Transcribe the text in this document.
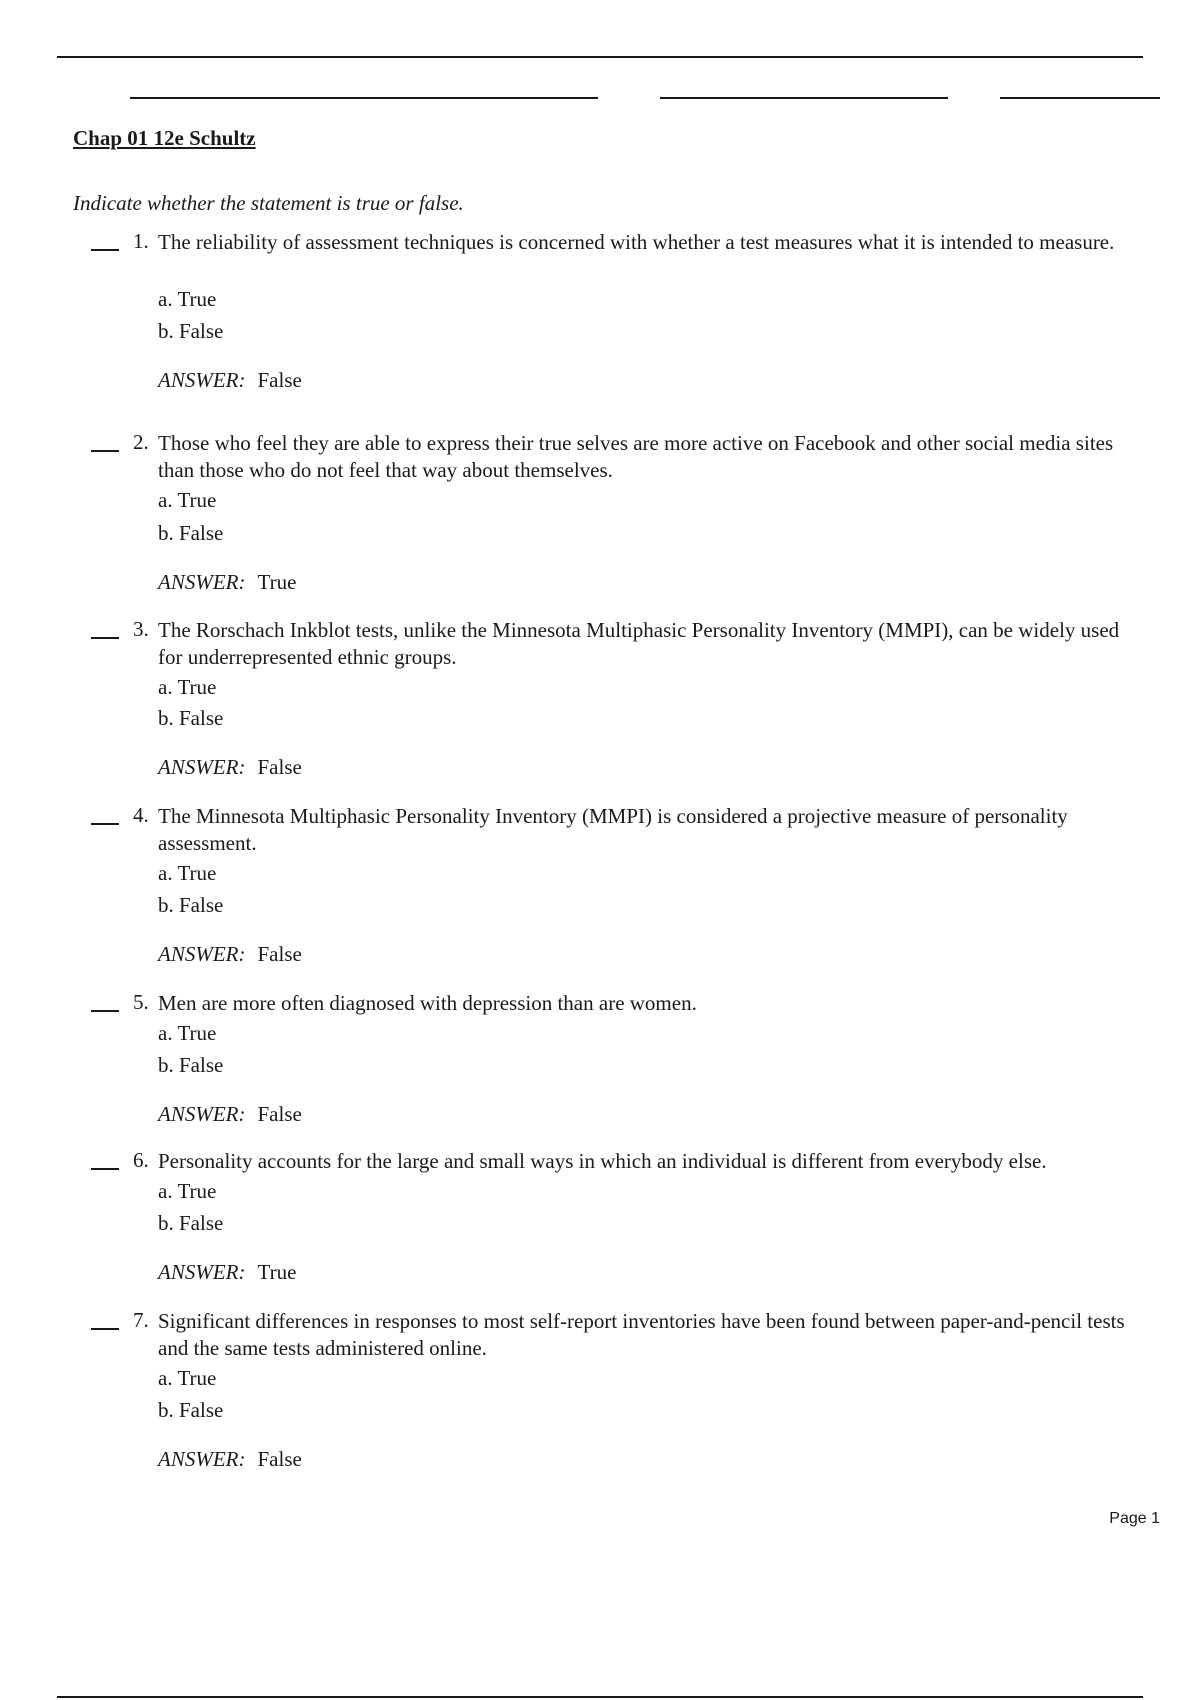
Chap 01 12e Schultz
Indicate whether the statement is true or false.
1. The reliability of assessment techniques is concerned with whether a test measures what it is intended to measure.
a. True
b. False
ANSWER: False
2. Those who feel they are able to express their true selves are more active on Facebook and other social media sites than those who do not feel that way about themselves.
a. True
b. False
ANSWER: True
3. The Rorschach Inkblot tests, unlike the Minnesota Multiphasic Personality Inventory (MMPI), can be widely used for underrepresented ethnic groups.
a. True
b. False
ANSWER: False
4. The Minnesota Multiphasic Personality Inventory (MMPI) is considered a projective measure of personality assessment.
a. True
b. False
ANSWER: False
5. Men are more often diagnosed with depression than are women.
a. True
b. False
ANSWER: False
6. Personality accounts for the large and small ways in which an individual is different from everybody else.
a. True
b. False
ANSWER: True
7. Significant differences in responses to most self-report inventories have been found between paper-and-pencil tests and the same tests administered online.
a. True
b. False
ANSWER: False
Page 1
